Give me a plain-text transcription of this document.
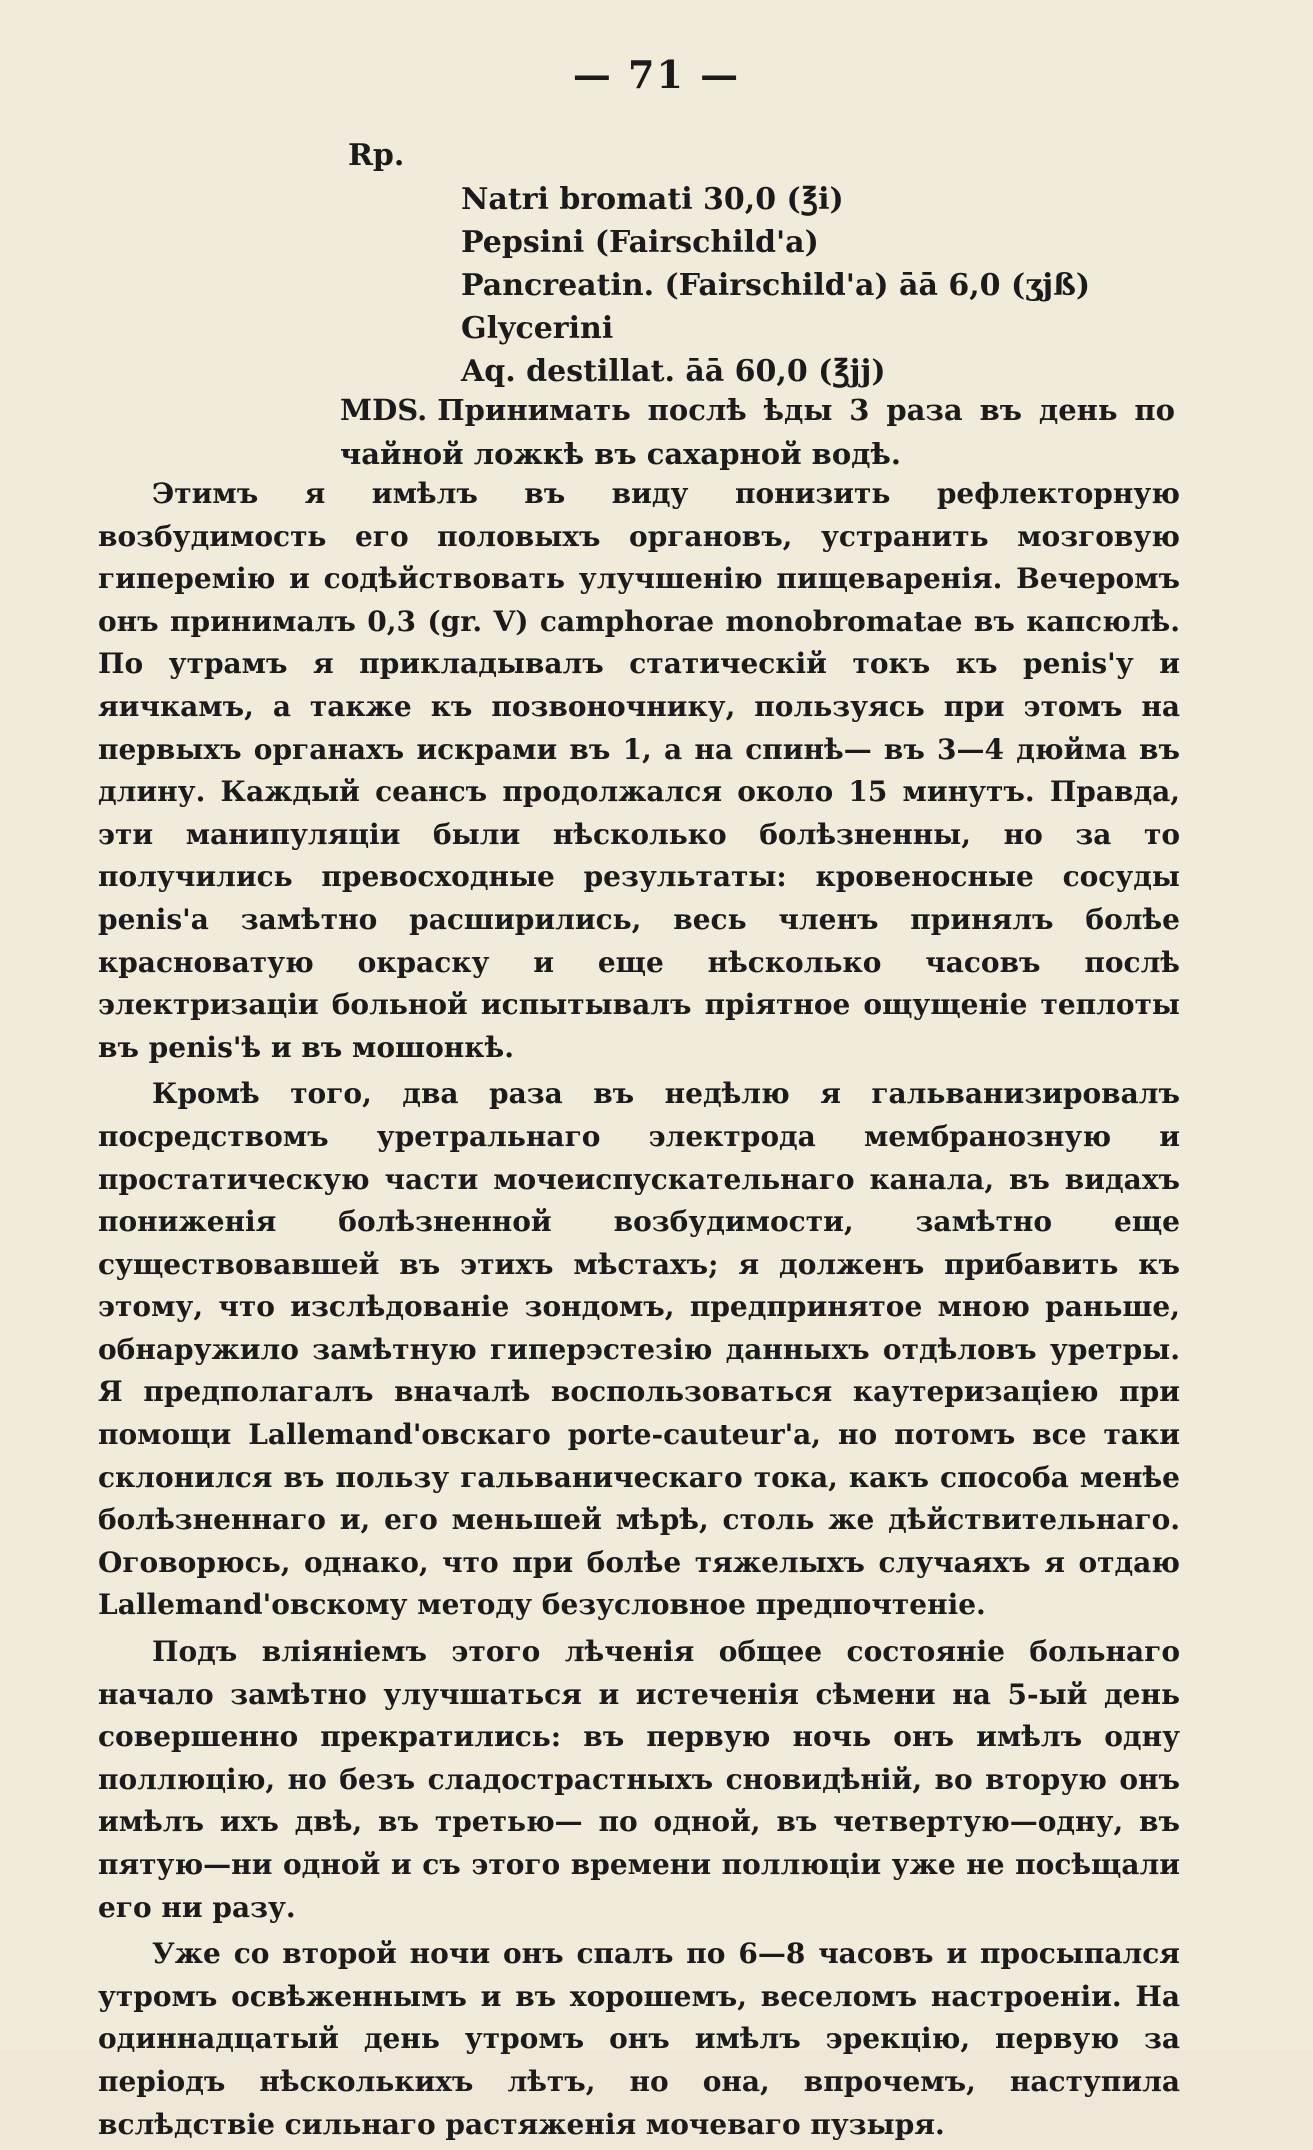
— 71 —
Rp.
Natri bromati 30,0 (℥i)
Pepsini (Fairschild'a)
Pancreatin. (Fairschild'a) āā 6,0 (ʒjß)
Glycerini
Aq. destillat. āā 60,0 (℥jj)
MDS. Принимать послѣ ѣды 3 раза въ день по чайной ложкѣ въ сахарной водѣ.

Этимъ я имѣлъ въ виду понизить рефлекторную возбудимость его половыхъ органовъ, устранить мозговую гиперемію и содѣйствовать улучшенію пищеваренія. Вечеромъ онъ принималъ 0,3 (gr. V) camphorae monobromatae въ капсюлѣ. По утрамъ я прикладывалъ статическій токъ къ penis'у и яичкамъ, а также къ позвоночнику, пользуясь при этомъ на первыхъ органахъ искрами въ 1, а на спинѣ— въ 3—4 дюйма въ длину. Каждый сеансъ продолжался около 15 минутъ. Правда, эти манипуляціи были нѣсколько болѣзненны, но за то получились превосходные результаты: кровеносные сосуды penis'a замѣтно расширились, весь членъ принялъ болѣе красноватую окраску и еще нѣсколько часовъ послѣ электризаціи больной испытывалъ пріятное ощущеніе теплоты въ penis'ѣ и въ мошонкѣ.

Кромѣ того, два раза въ недѣлю я гальванизировалъ посредствомъ уретральнаго электрода мембранозную и простатическую части мочеиспускательнаго канала, въ видахъ пониженія болѣзненной возбудимости, замѣтно еще существовавшей въ этихъ мѣстахъ; я долженъ прибавить къ этому, что изслѣдованіе зондомъ, предпринятое мною раньше, обнаружило замѣтную гиперэстезію данныхъ отдѣловъ уретры. Я предполагалъ вначалѣ воспользоваться каутеризаціею при помощи Lallemand'овскаго porte-cauteur'a, но потомъ все таки склонился въ пользу гальваническаго тока, какъ способа менѣе болѣзненнаго и, его меньшей мѣрѣ, столь же дѣйствительнаго. Оговорюсь, однако, что при болѣе тяжелыхъ случаяхъ я отдаю Lallemand'овскому методу безусловное предпочтеніе.

Подъ вліяніемъ этого лѣченія общее состояніе больнаго начало замѣтно улучшаться и истеченія сѣмени на 5-ый день совершенно прекратились: въ первую ночь онъ имѣлъ одну поллюцію, но безъ сладострастныхъ сновидѣній, во вторую онъ имѣлъ ихъ двѣ, въ третью— по одной, въ четвертую—одну, въ пятую—ни одной и съ этого времени поллюціи уже не посѣщали его ни разу.

Уже со второй ночи онъ спалъ по 6—8 часовъ и просыпался утромъ освѣженнымъ и въ хорошемъ, веселомъ настроеніи. На одиннадцатый день утромъ онъ имѣлъ эрекцію, первую за періодъ нѣсколькихъ лѣтъ, но она, впрочемъ, наступила вслѣдствіе сильнаго растяженія мочеваго пузыря.
